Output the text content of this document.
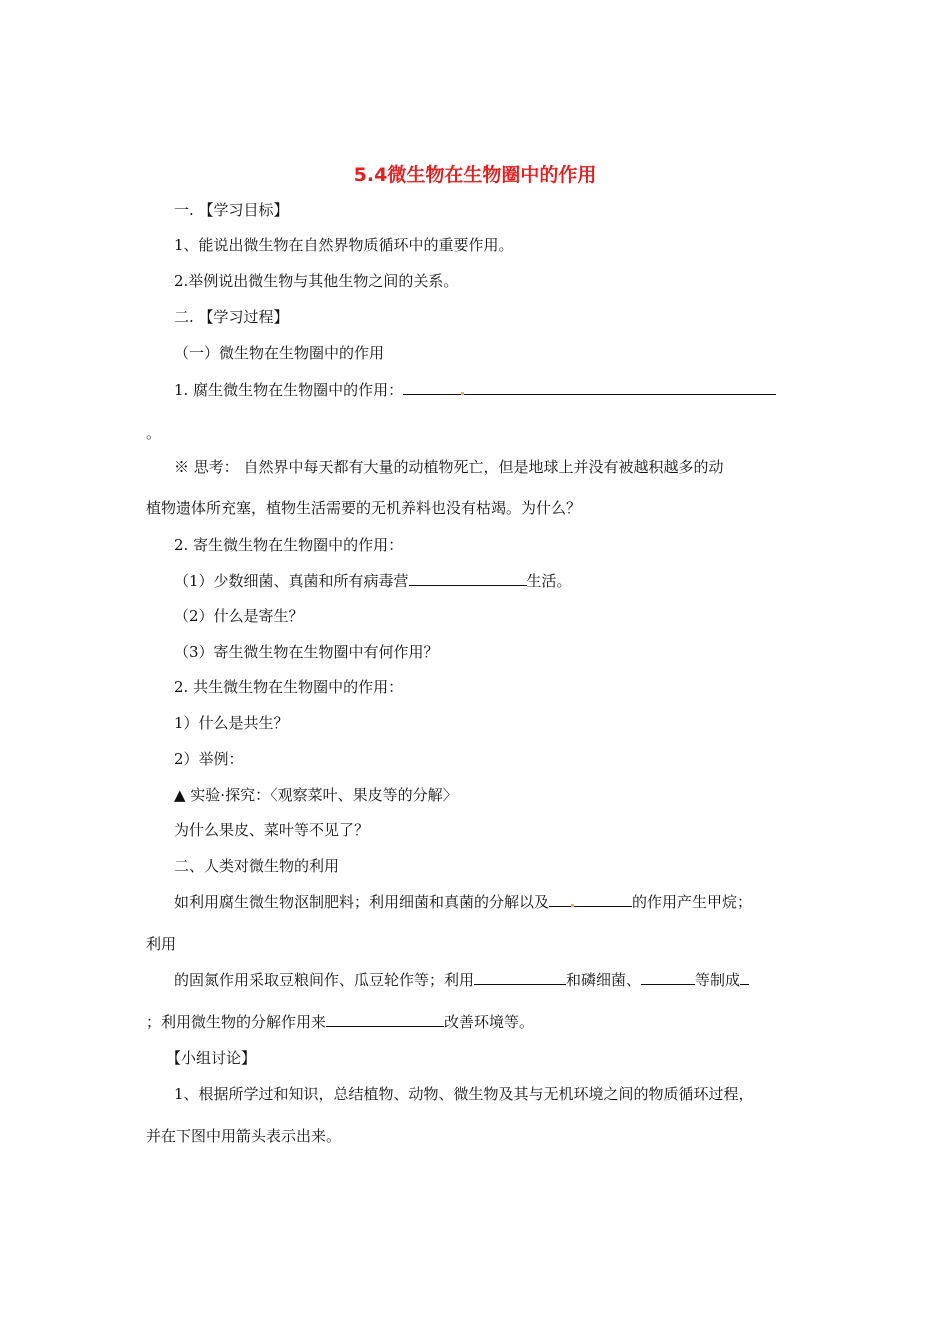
5.4微生物在生物圈中的作用
一. 【学习目标】
1、能说出微生物在自然界物质循环中的重要作用。
2.举例说出微生物与其他生物之间的关系。
二. 【学习过程】
（一）微生物在生物圈中的作用
1. 腐生微生物在生物圈中的作用：
。
※ 思考： 自然界中每天都有大量的动植物死亡，但是地球上并没有被越积越多的动
植物遗体所充塞，植物生活需要的无机养料也没有枯竭。为什么？
2. 寄生微生物在生物圈中的作用：
（1）少数细菌、真菌和所有病毒营	生活。
（2）什么是寄生？
（3）寄生微生物在生物圈中有何作用？
2. 共生微生物在生物圈中的作用：
1）什么是共生？
2）举例：
▲ 实验·探究：〈观察菜叶、果皮等的分解〉
为什么果皮、菜叶等不见了？
二、人类对微生物的利用
如利用腐生微生物沤制肥料；利用细菌和真菌的分解以及	的作用产生甲烷；
利用
的固氮作用采取豆粮间作、瓜豆轮作等；利用	和磷细菌、	等制成
；利用微生物的分解作用来	改善环境等。
【小组讨论】
1、根据所学过和知识，总结植物、动物、微生物及其与无机环境之间的物质循环过程，
并在下图中用箭头表示出来。
